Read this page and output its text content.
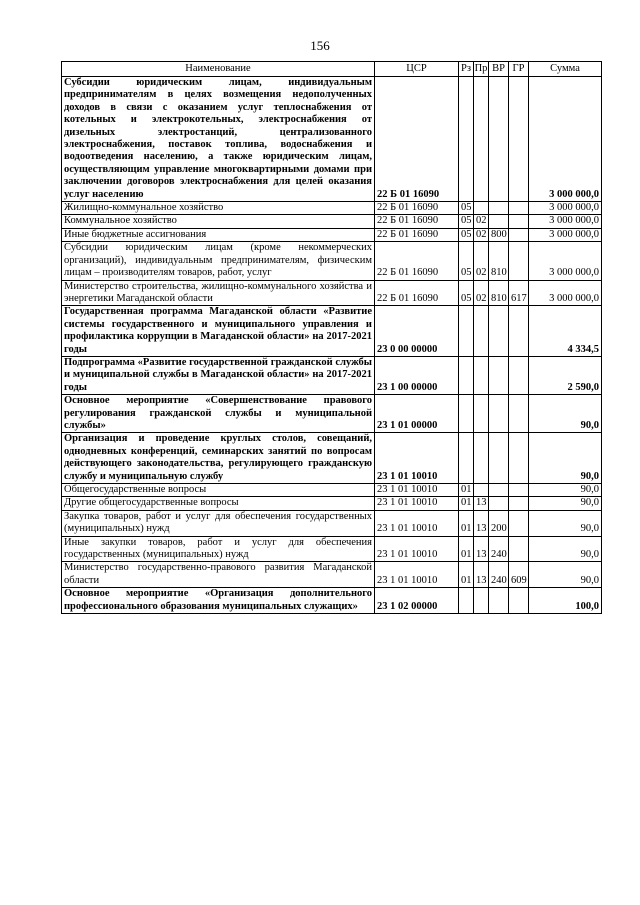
156
Наименование	ЦСР	Рз	Пр	ВР	ГР	Сумма
Субсидии юридическим лицам, индивидуальным предпринимателям в целях возмещения недополученных доходов в связи с оказанием услуг теплоснабжения от котельных и электрокотельных, электроснабжения от дизельных электростанций, централизованного электроснабжения, поставок топлива, водоснабжения и водоотведения населению, а также юридическим лицам, осуществляющим управление многоквартирными домами при заключении договоров электроснабжения для целей оказания услуг населению	22 Б 01 16090					3 000 000,0
Жилищно-коммунальное хозяйство	22 Б 01 16090	05				3 000 000,0
Коммунальное хозяйство	22 Б 01 16090	05	02			3 000 000,0
Иные бюджетные ассигнования	22 Б 01 16090	05	02	800		3 000 000,0
Субсидии юридическим лицам (кроме некоммерческих организаций), индивидуальным предпринимателям, физическим лицам – производителям товаров, работ, услуг	22 Б 01 16090	05	02	810		3 000 000,0
Министерство строительства, жилищно-коммунального хозяйства и энергетики Магаданской области	22 Б 01 16090	05	02	810	617	3 000 000,0
Государственная программа Магаданской области «Развитие системы государственного и муниципального управления и профилактика коррупции в Магаданской области» на 2017-2021 годы	23 0 00 00000					4 334,5
Подпрограмма «Развитие государственной гражданской службы и муниципальной службы в Магаданской области» на 2017-2021 годы	23 1 00 00000					2 590,0
Основное мероприятие «Совершенствование правового регулирования гражданской службы и муниципальной службы»	23 1 01 00000					90,0
Организация и проведение круглых столов, совещаний, однодневных конференций, семинарских занятий по вопросам действующего законодательства, регулирующего гражданскую службу и муниципальную службу	23 1 01 10010					90,0
Общегосударственные вопросы	23 1 01 10010	01				90,0
Другие общегосударственные вопросы	23 1 01 10010	01	13			90,0
Закупка товаров, работ и услуг для обеспечения государственных (муниципальных) нужд	23 1 01 10010	01	13	200		90,0
Иные закупки товаров, работ и услуг для обеспечения государственных (муниципальных) нужд	23 1 01 10010	01	13	240		90,0
Министерство государственно-правового развития Магаданской области	23 1 01 10010	01	13	240	609	90,0
Основное мероприятие «Организация дополнительного профессионального образования муниципальных служащих»	23 1 02 00000					100,0
